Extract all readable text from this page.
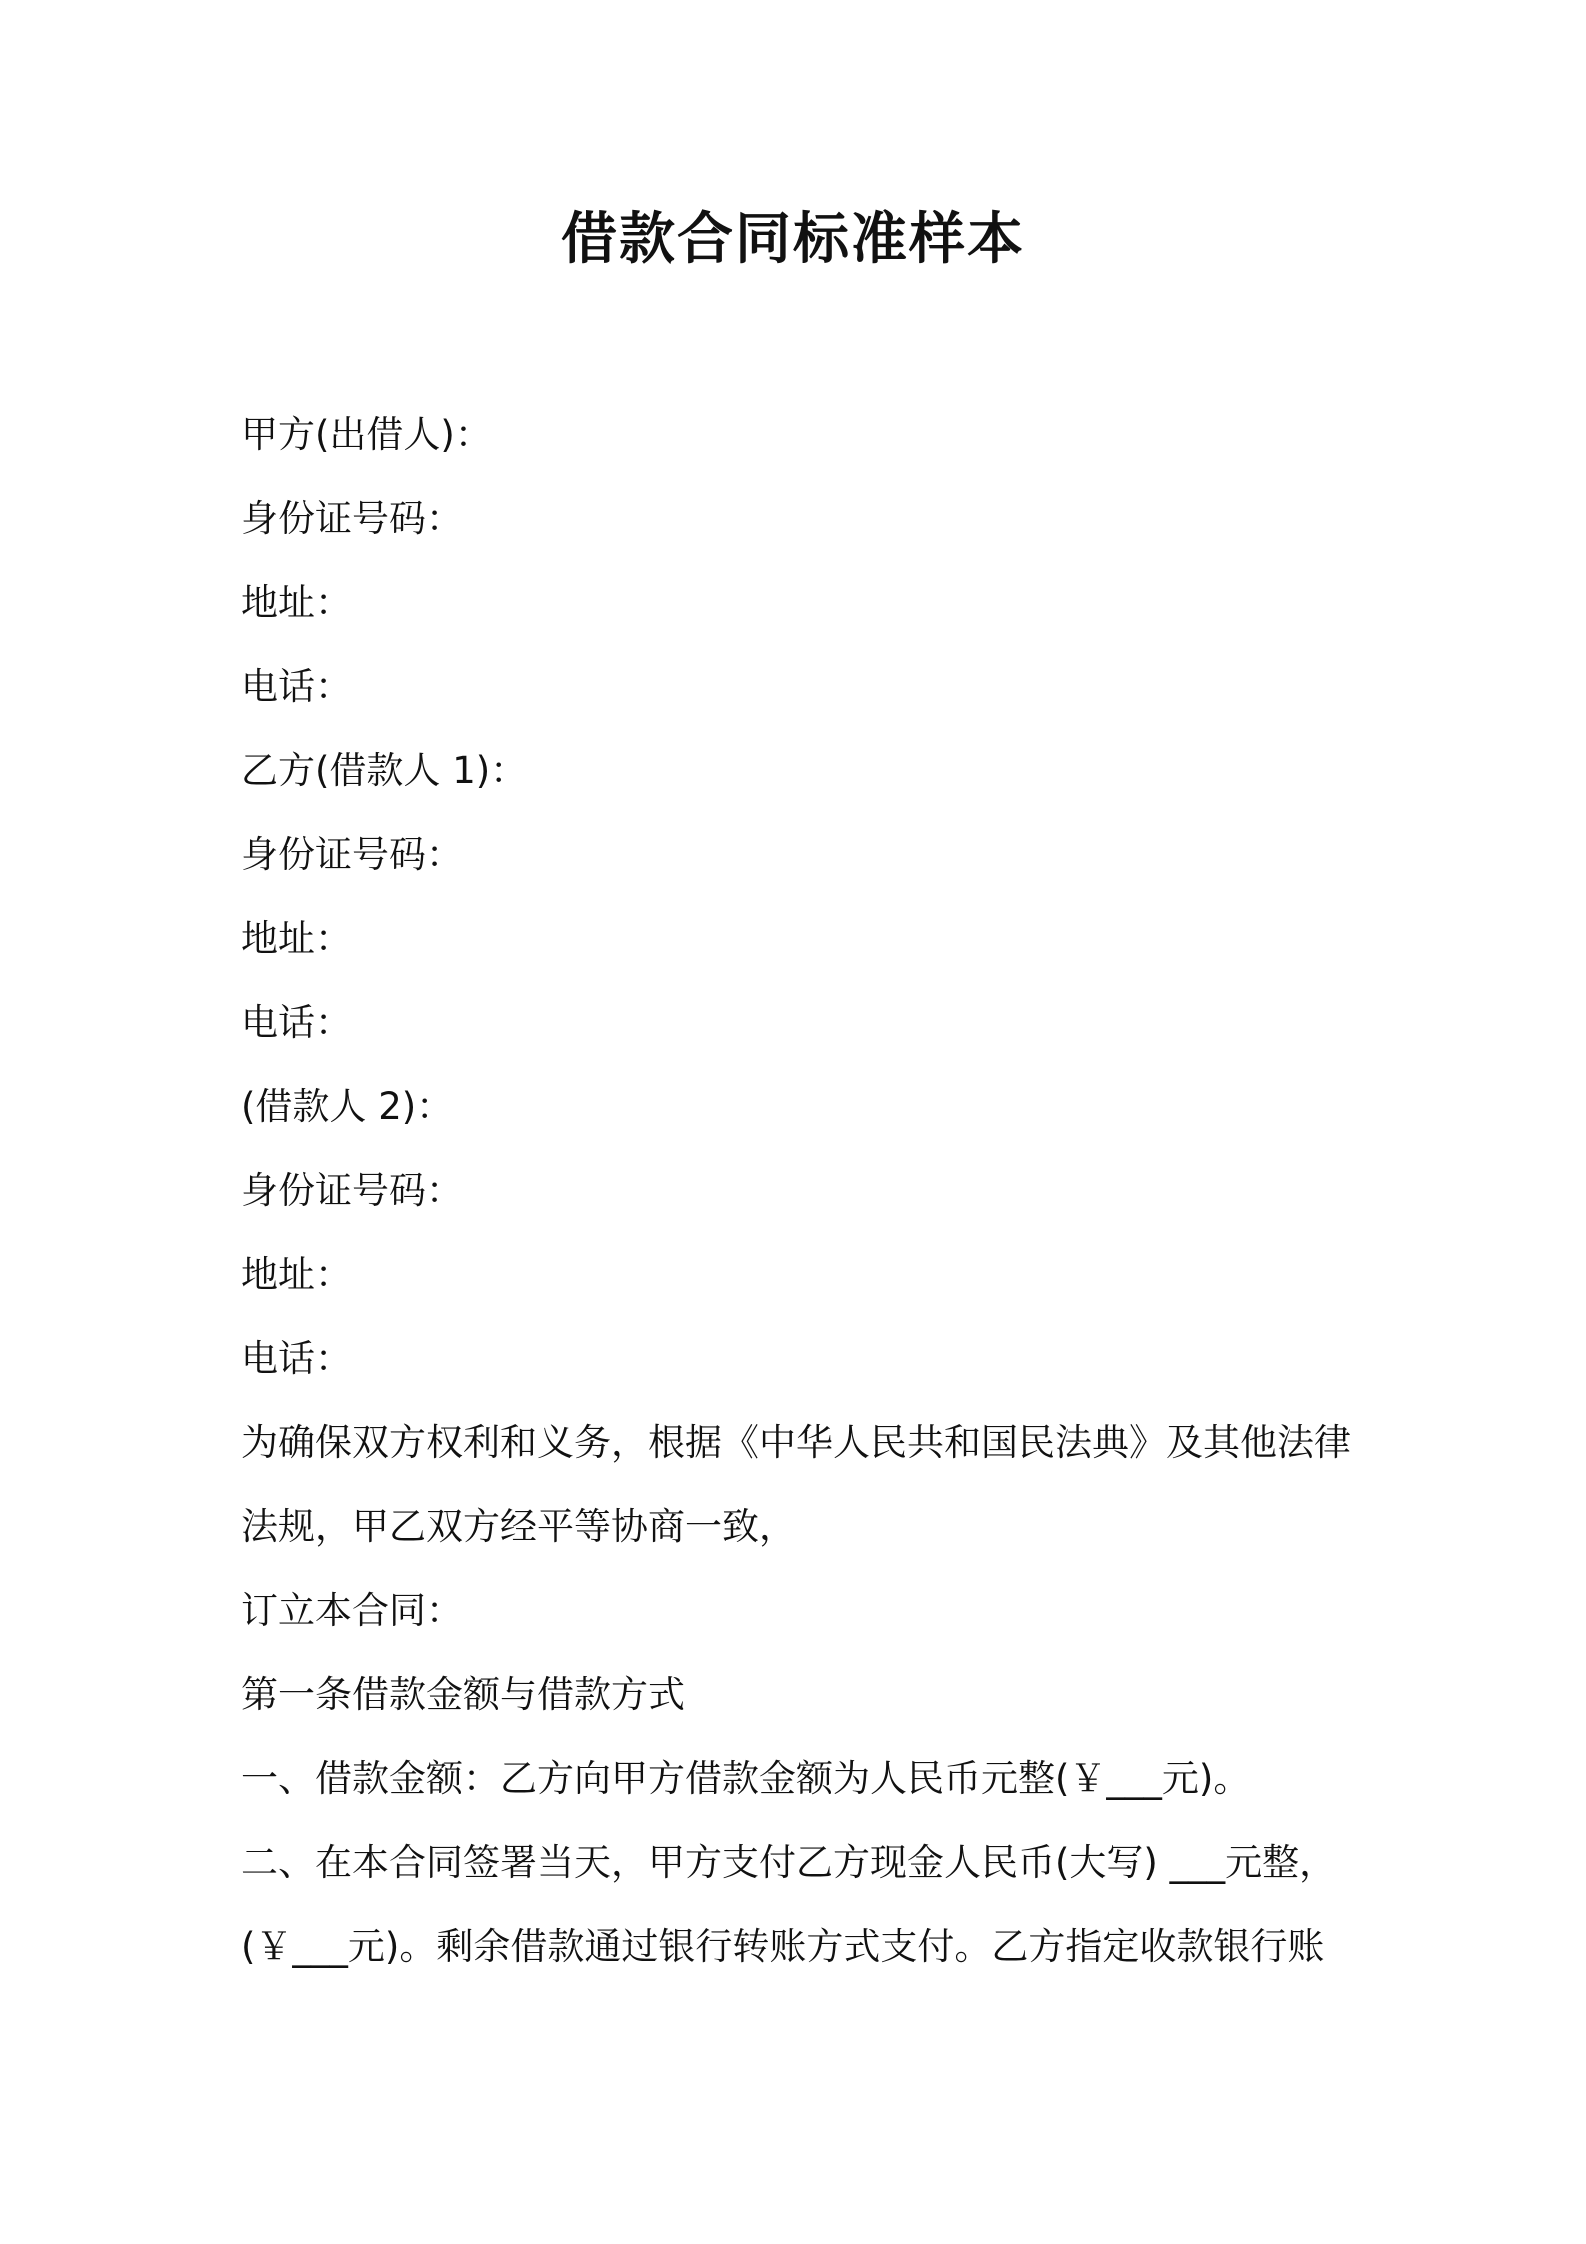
借款合同标准样本
甲方(出借人)：
身份证号码：
地址：
电话：
乙方(借款人 1)：
身份证号码：
地址：
电话：
(借款人 2)：
身份证号码：
地址：
电话：
为确保双方权利和义务，根据《中华人民共和国民法典》及其他法律
法规，甲乙双方经平等协商一致，
订立本合同：
第一条借款金额与借款方式
一、借款金额：乙方向甲方借款金额为人民币元整(￥___元)。
二、在本合同签署当天，甲方支付乙方现金人民币(大写) ___元整，
(￥___元)。剩余借款通过银行转账方式支付。乙方指定收款银行账
